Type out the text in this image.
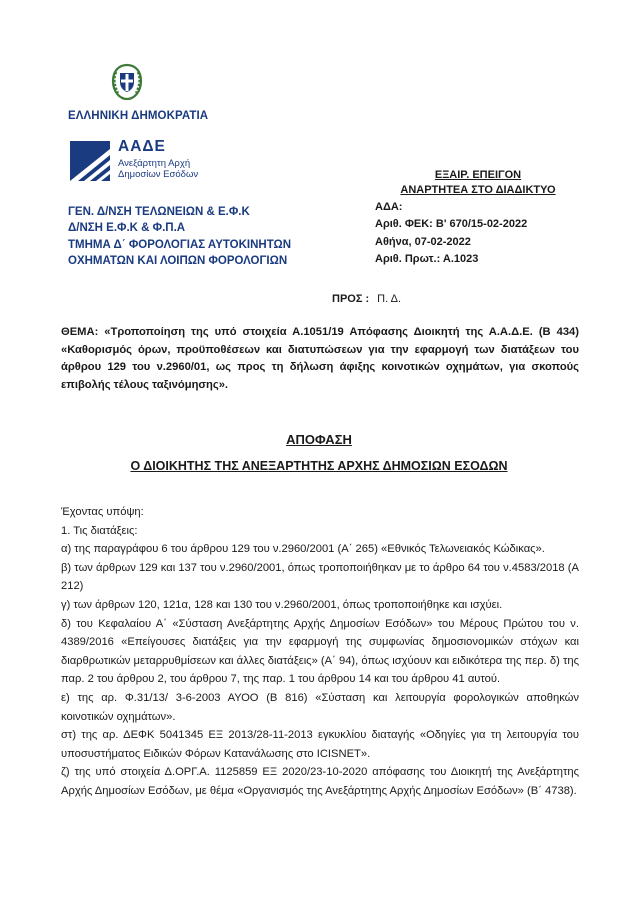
ΕΛΛΗΝΙΚΗ ΔΗΜΟΚΡΑΤΙΑ
ΑΑΔΕ
Ανεξάρτητη Αρχή
Δημοσίων Εσόδων
ΓΕΝ. Δ/ΝΣΗ ΤΕΛΩΝΕΙΩΝ & Ε.Φ.Κ
Δ/ΝΣΗ Ε.Φ.Κ & Φ.Π.Α
ΤΜΗΜΑ Δ΄ ΦΟΡΟΛΟΓΙΑΣ ΑΥΤΟΚΙΝΗΤΩΝ
ΟΧΗΜΑΤΩΝ ΚΑΙ ΛΟΙΠΩΝ ΦΟΡΟΛΟΓΙΩΝ
ΕΞΑΙΡ. ΕΠΕΙΓΟΝ
ΑΝΑΡΤΗΤΕΑ ΣΤΟ ΔΙΑΔΙΚΤΥΟ
ΑΔΑ:
Αριθ. ΦΕΚ: Β' 670/15-02-2022
Αθήνα, 07-02-2022
Αριθ. Πρωτ.: Α.1023
ΠΡΟΣ : Π. Δ.
ΘΕΜΑ: «Τροποποίηση της υπό στοιχεία Α.1051/19 Απόφασης Διοικητή της Α.Α.Δ.Ε. (Β 434) «Καθορισμός όρων, προϋποθέσεων και διατυπώσεων για την εφαρμογή των διατάξεων του άρθρου 129 του ν.2960/01, ως προς τη δήλωση άφιξης κοινοτικών οχημάτων, για σκοπούς επιβολής τέλους ταξινόμησης».
ΑΠΟΦΑΣΗ
Ο ΔΙΟΙΚΗΤΗΣ ΤΗΣ ΑΝΕΞΑΡΤΗΤΗΣ ΑΡΧΗΣ ΔΗΜΟΣΙΩΝ ΕΣΟΔΩΝ

Έχοντας υπόψη:

1. Τις διατάξεις:

α) της παραγράφου 6 του άρθρου 129 του ν.2960/2001 (Α΄ 265) «Εθνικός Τελωνειακός Κώδικας».

β) των άρθρων 129 και 137 του ν.2960/2001, όπως τροποποιήθηκαν με το άρθρο 64 του ν.4583/2018 (Α 212)

γ) των άρθρων 120, 121α, 128 και 130 του ν.2960/2001, όπως τροποποιήθηκε και ισχύει.

δ) του Κεφαλαίου Α΄ «Σύσταση Ανεξάρτητης Αρχής Δημοσίων Εσόδων» του Μέρους Πρώτου του ν. 4389/2016 «Επείγουσες διατάξεις για την εφαρμογή της συμφωνίας δημοσιονομικών στόχων και διαρθρωτικών μεταρρυθμίσεων και άλλες διατάξεις» (Α΄ 94), όπως ισχύουν και ειδικότερα της περ. δ) της παρ. 2 του άρθρου 2, του άρθρου 7, της παρ. 1 του άρθρου 14 και του άρθρου 41 αυτού.

ε) της αρ. Φ.31/13/ 3-6-2003 ΑΥΟΟ (Β 816) «Σύσταση και λειτουργία φορολογικών αποθηκών κοινοτικών οχημάτων».

στ) της αρ. ΔΕΦΚ 5041345 ΕΞ 2013/28-11-2013 εγκυκλίου διαταγής «Οδηγίες για τη λειτουργία του υποσυστήματος Ειδικών Φόρων Κατανάλωσης στο ICISNET».

ζ) της υπό στοιχεία Δ.ΟΡΓ.Α. 1125859 ΕΞ 2020/23-10-2020 απόφασης του Διοικητή της Ανεξάρτητης Αρχής Δημοσίων Εσόδων, με θέμα «Οργανισμός της Ανεξάρτητης Αρχής Δημοσίων Εσόδων» (Β΄ 4738).
